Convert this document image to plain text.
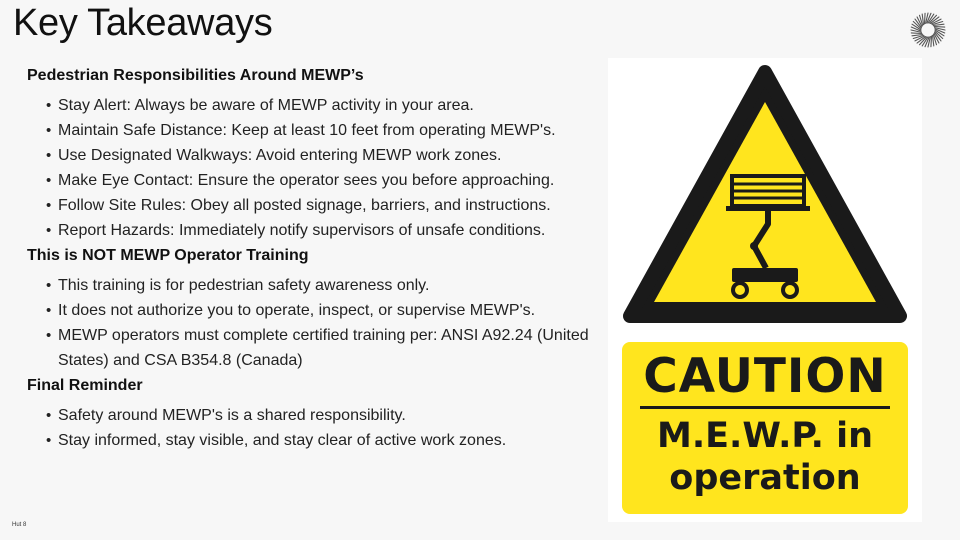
Key Takeaways
Pedestrian Responsibilities Around MEWP’s
• Stay Alert: Always be aware of MEWP activity in your area.
• Maintain Safe Distance: Keep at least 10 feet from operating MEWP's.
• Use Designated Walkways: Avoid entering MEWP work zones.
• Make Eye Contact: Ensure the operator sees you before approaching.
• Follow Site Rules: Obey all posted signage, barriers, and instructions.
• Report Hazards: Immediately notify supervisors of unsafe conditions.
This is NOT MEWP Operator Training
• This training is for pedestrian safety awareness only.
• It does not authorize you to operate, inspect, or supervise MEWP's.
• MEWP operators must complete certified training per: ANSI A92.24 (United States) and CSA B354.8 (Canada)
Final Reminder
• Safety around MEWP's is a shared responsibility.
• Stay informed, stay visible, and stay clear of active work zones.
CAUTION
M.E.W.P. in
operation
Hut 8
